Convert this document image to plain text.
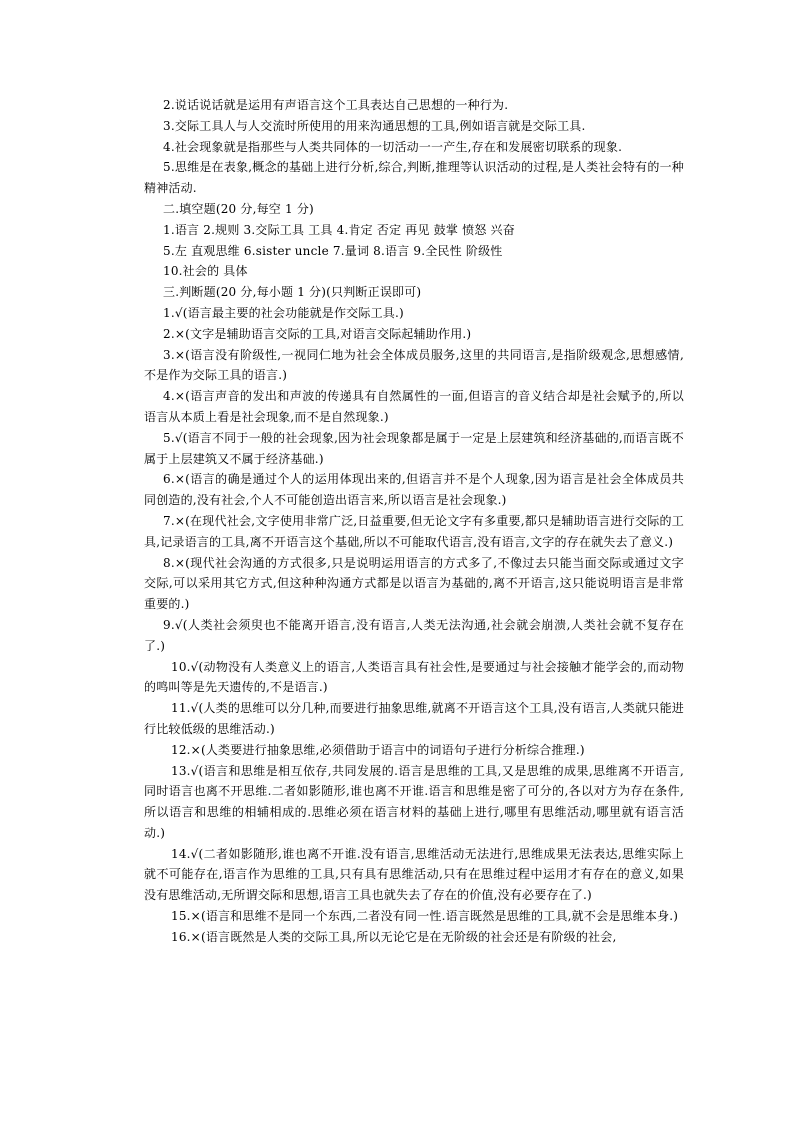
2.说话说话就是运用有声语言这个工具表达自己思想的一种行为.

3.交际工具人与人交流时所使用的用来沟通思想的工具,例如语言就是交际工具.

4.社会现象就是指那些与人类共同体的一切活动一一产生,存在和发展密切联系的现象.

5.思维是在表象,概念的基础上进行分析,综合,判断,推理等认识活动的过程,是人类社会特有的一种精神活动.

二.填空题(20 分,每空 1 分)

1.语言 2.规则 3.交际工具 工具 4.肯定 否定 再见 鼓掌 愤怒 兴奋

5.左 直观思维 6.sister uncle 7.量词 8.语言 9.全民性 阶级性

10.社会的 具体

三.判断题(20 分,每小题 1 分)(只判断正误即可)

1.√(语言最主要的社会功能就是作交际工具.)

2.×(文字是辅助语言交际的工具,对语言交际起辅助作用.)

3.×(语言没有阶级性,一视同仁地为社会全体成员服务,这里的共同语言,是指阶级观念,思想感情,不是作为交际工具的语言.)

4.×(语言声音的发出和声波的传递具有自然属性的一面,但语言的音义结合却是社会赋予的,所以语言从本质上看是社会现象,而不是自然现象.)

5.√(语言不同于一般的社会现象,因为社会现象都是属于一定是上层建筑和经济基础的,而语言既不属于上层建筑又不属于经济基础.)

6.×(语言的确是通过个人的运用体现出来的,但语言并不是个人现象,因为语言是社会全体成员共同创造的,没有社会,个人不可能创造出语言来,所以语言是社会现象.)

7.×(在现代社会,文字使用非常广泛,日益重要,但无论文字有多重要,都只是辅助语言进行交际的工具,记录语言的工具,离不开语言这个基础,所以不可能取代语言,没有语言,文字的存在就失去了意义.)

8.×(现代社会沟通的方式很多,只是说明运用语言的方式多了,不像过去只能当面交际或通过文字交际,可以采用其它方式,但这种种沟通方式都是以语言为基础的,离不开语言,这只能说明语言是非常重要的.)

9.√(人类社会须臾也不能离开语言,没有语言,人类无法沟通,社会就会崩溃,人类社会就不复存在了.)

10.√(动物没有人类意义上的语言,人类语言具有社会性,是要通过与社会接触才能学会的,而动物的鸣叫等是先天遗传的,不是语言.)

11.√(人类的思维可以分几种,而要进行抽象思维,就离不开语言这个工具,没有语言,人类就只能进行比较低级的思维活动.)

12.×(人类要进行抽象思维,必须借助于语言中的词语句子进行分析综合推理.)

13.√(语言和思维是相互依存,共同发展的.语言是思维的工具,又是思维的成果,思维离不开语言,同时语言也离不开思维.二者如影随形,谁也离不开谁.语言和思维是密了可分的,各以对方为存在条件,所以语言和思维的相辅相成的.思维必须在语言材料的基础上进行,哪里有思维活动,哪里就有语言活动.)

14.√(二者如影随形,谁也离不开谁.没有语言,思维活动无法进行,思维成果无法表达,思维实际上就不可能存在,语言作为思维的工具,只有具有思维活动,只有在思维过程中运用才有存在的意义,如果没有思维活动,无所谓交际和思想,语言工具也就失去了存在的价值,没有必要存在了.)

15.×(语言和思维不是同一个东西,二者没有同一性.语言既然是思维的工具,就不会是思维本身.)

16.×(语言既然是人类的交际工具,所以无论它是在无阶级的社会还是有阶级的社会,
